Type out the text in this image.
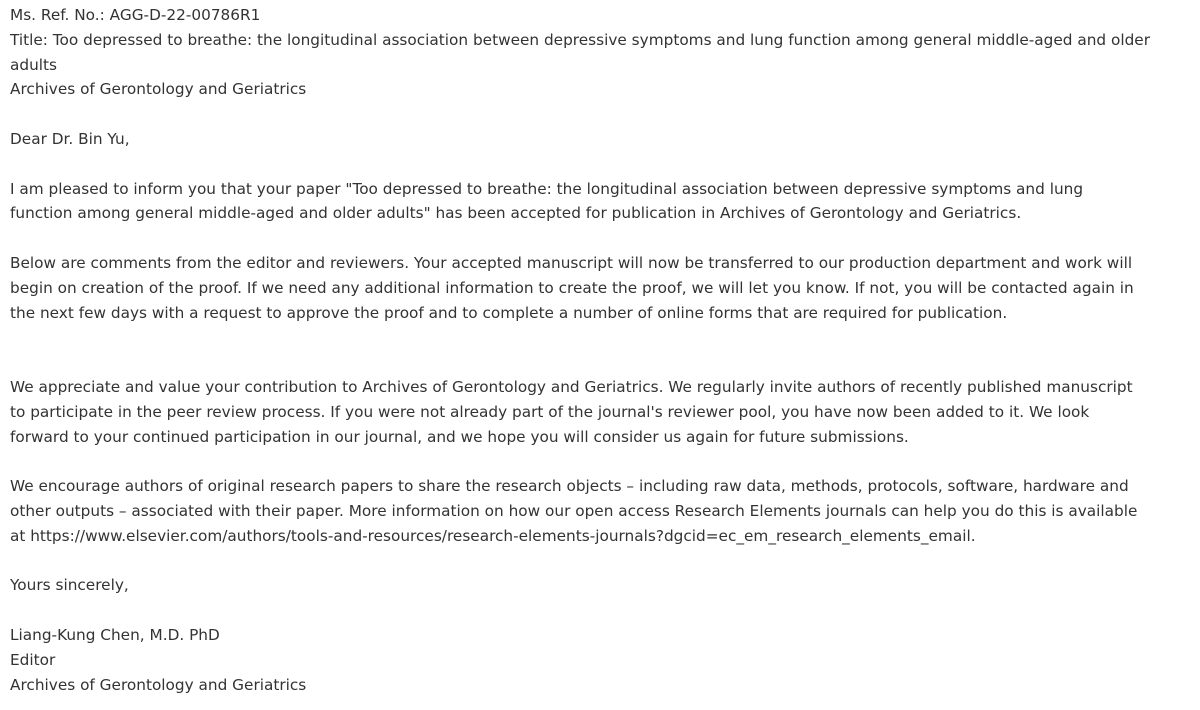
Ms. Ref. No.: AGG-D-22-00786R1

Title: Too depressed to breathe: the longitudinal association between depressive symptoms and lung function among general middle-aged and older

adults

Archives of Gerontology and Geriatrics

Dear Dr. Bin Yu,

I am pleased to inform you that your paper "Too depressed to breathe: the longitudinal association between depressive symptoms and lung

function among general middle-aged and older adults" has been accepted for publication in Archives of Gerontology and Geriatrics.

Below are comments from the editor and reviewers. Your accepted manuscript will now be transferred to our production department and work will

begin on creation of the proof. If we need any additional information to create the proof, we will let you know. If not, you will be contacted again in

the next few days with a request to approve the proof and to complete a number of online forms that are required for publication.

We appreciate and value your contribution to Archives of Gerontology and Geriatrics. We regularly invite authors of recently published manuscript

to participate in the peer review process. If you were not already part of the journal's reviewer pool, you have now been added to it. We look

forward to your continued participation in our journal, and we hope you will consider us again for future submissions.

We encourage authors of original research papers to share the research objects – including raw data, methods, protocols, software, hardware and

other outputs – associated with their paper. More information on how our open access Research Elements journals can help you do this is available

at https://www.elsevier.com/authors/tools-and-resources/research-elements-journals?dgcid=ec_em_research_elements_email.

Yours sincerely,

Liang-Kung Chen, M.D. PhD

Editor

Archives of Gerontology and Geriatrics
